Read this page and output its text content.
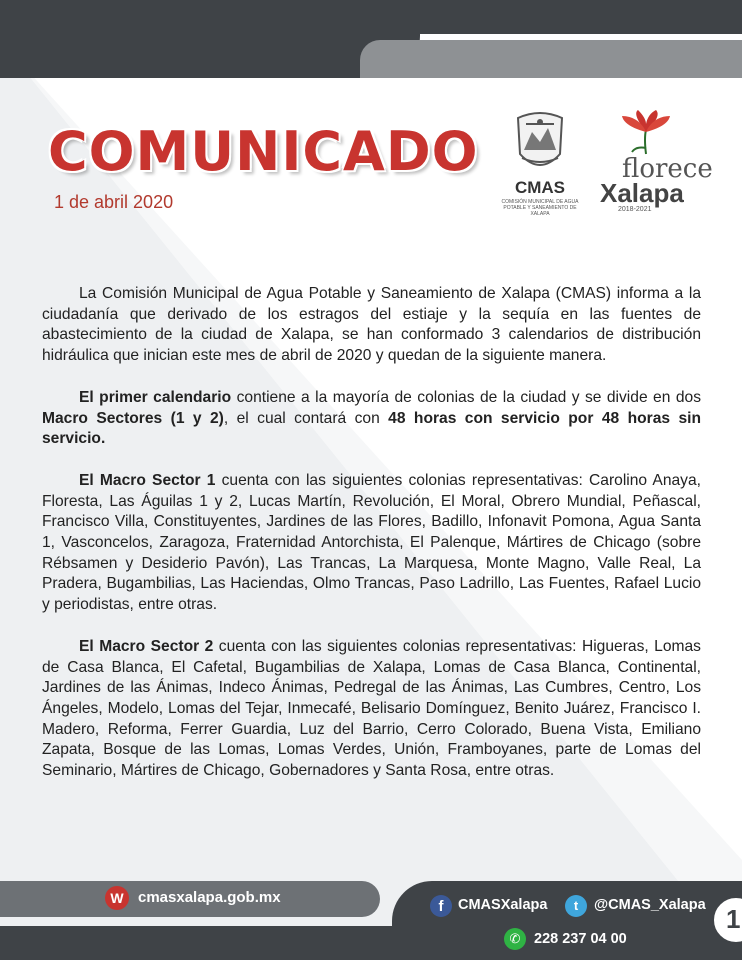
COMUNICADO
1 de abril 2020
CMAS
COMISIÓN MUNICIPAL DE AGUA POTABLE Y SANEAMIENTO DE XALAPA
florece
Xalapa
2018-2021

La Comisión Municipal de Agua Potable y Saneamiento de Xalapa (CMAS) informa a la ciudadanía que derivado de los estragos del estiaje y la sequía en las fuentes de abastecimiento de la ciudad de Xalapa, se han conformado 3 calendarios de distribución hidráulica que inician este mes de abril de 2020 y quedan de la siguiente manera.

El primer calendario contiene a la mayoría de colonias de la ciudad y se divide en dos Macro Sectores (1 y 2), el cual contará con 48 horas con servicio por 48 horas sin servicio.

El Macro Sector 1 cuenta con las siguientes colonias representativas: Carolino Anaya, Floresta, Las Águilas 1 y 2, Lucas Martín, Revolución, El Moral, Obrero Mundial, Peñascal, Francisco Villa, Constituyentes, Jardines de las Flores, Badillo, Infonavit Pomona, Agua Santa 1, Vasconcelos, Zaragoza, Fraternidad Antorchista, El Palenque, Mártires de Chicago (sobre Rébsamen y Desiderio Pavón), Las Trancas, La Marquesa, Monte Magno, Valle Real, La Pradera, Bugambilias, Las Haciendas, Olmo Trancas, Paso Ladrillo, Las Fuentes, Rafael Lucio y periodistas, entre otras.

El Macro Sector 2 cuenta con las siguientes colonias representativas: Higueras, Lomas de Casa Blanca, El Cafetal, Bugambilias de Xalapa, Lomas de Casa Blanca, Continental, Jardines de las Ánimas, Indeco Ánimas, Pedregal de las Ánimas, Las Cumbres, Centro, Los Ángeles, Modelo, Lomas del Tejar, Inmecafé, Belisario Domínguez, Benito Juárez, Francisco I. Madero, Reforma, Ferrer Guardia, Luz del Barrio, Cerro Colorado, Buena Vista, Emiliano Zapata, Bosque de las Lomas, Lomas Verdes, Unión, Framboyanes, parte de Lomas del Seminario, Mártires de Chicago, Gobernadores y Santa Rosa, entre otras.

W cmasxalapa.gob.mx
f	CMASXalapa	t	@CMAS_Xalapa
✆ 228 237 04 00
1
